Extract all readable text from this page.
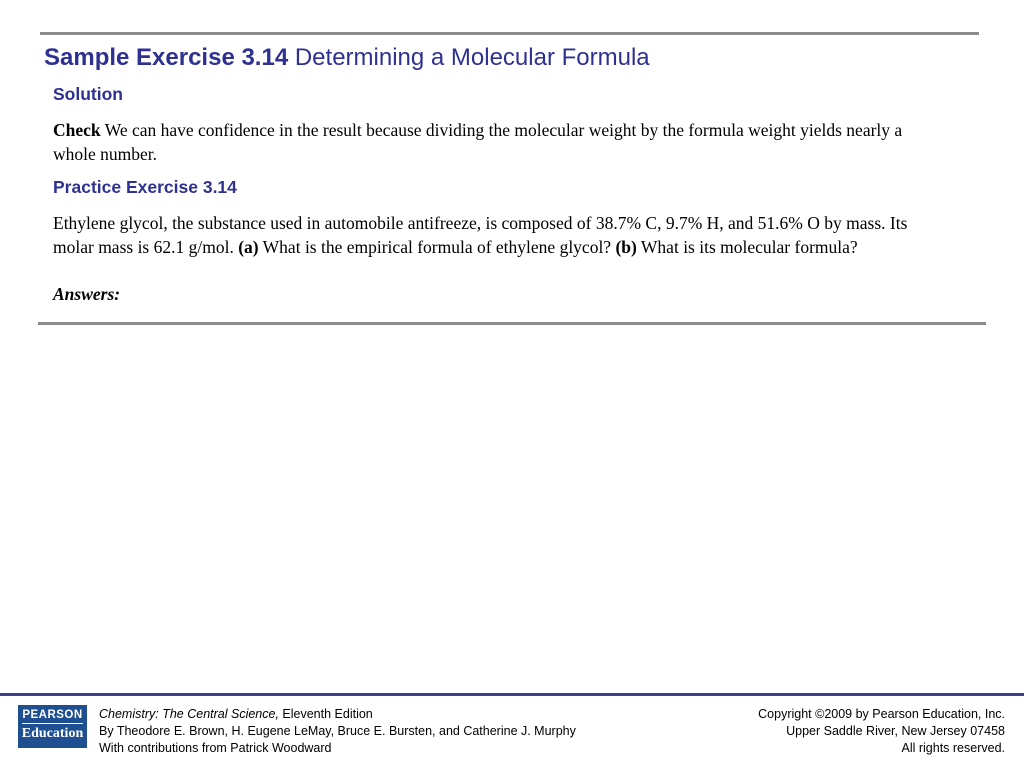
Sample Exercise 3.14 Determining a Molecular Formula
Solution
Check We can have confidence in the result because dividing the molecular weight by the formula weight yields nearly a whole number.
Practice Exercise 3.14
Ethylene glycol, the substance used in automobile antifreeze, is composed of 38.7% C, 9.7% H, and 51.6% O by mass. Its molar mass is 62.1 g/mol. (a) What is the empirical formula of ethylene glycol? (b) What is its molecular formula?
Answers:
PEARSON
Education
Chemistry: The Central Science, Eleventh Edition
By Theodore E. Brown, H. Eugene LeMay, Bruce E. Bursten, and Catherine J. Murphy
With contributions from Patrick Woodward
Copyright ©2009 by Pearson Education, Inc.
Upper Saddle River, New Jersey 07458
All rights reserved.
